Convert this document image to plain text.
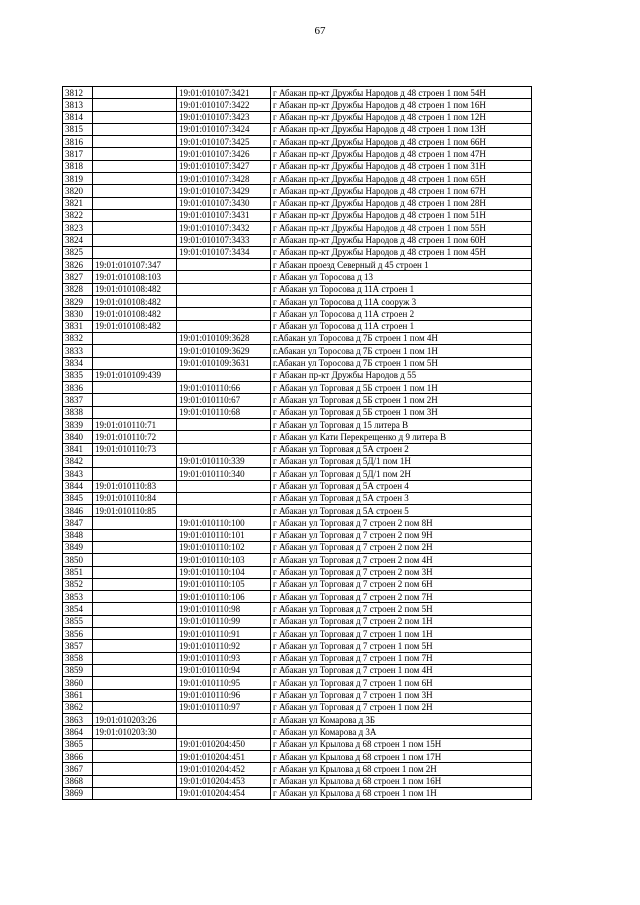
67
3812		19:01:010107:3421	г Абакан пр-кт Дружбы Народов д 48 строен 1 пом 54Н
3813		19:01:010107:3422	г Абакан пр-кт Дружбы Народов д 48 строен 1 пом 16Н
3814		19:01:010107:3423	г Абакан пр-кт Дружбы Народов д 48 строен 1 пом 12Н
3815		19:01:010107:3424	г Абакан пр-кт Дружбы Народов д 48 строен 1 пом 13Н
3816		19:01:010107:3425	г Абакан пр-кт Дружбы Народов д 48 строен 1 пом 66Н
3817		19:01:010107:3426	г Абакан пр-кт Дружбы Народов д 48 строен 1 пом 47Н
3818		19:01:010107:3427	г Абакан пр-кт Дружбы Народов д 48 строен 1 пом 31Н
3819		19:01:010107:3428	г Абакан пр-кт Дружбы Народов д 48 строен 1 пом 65Н
3820		19:01:010107:3429	г Абакан пр-кт Дружбы Народов д 48 строен 1 пом 67Н
3821		19:01:010107:3430	г Абакан пр-кт Дружбы Народов д 48 строен 1 пом 28Н
3822		19:01:010107:3431	г Абакан пр-кт Дружбы Народов д 48 строен 1 пом 51Н
3823		19:01:010107:3432	г Абакан пр-кт Дружбы Народов д 48 строен 1 пом 55Н
3824		19:01:010107:3433	г Абакан пр-кт Дружбы Народов д 48 строен 1 пом 60Н
3825		19:01:010107:3434	г Абакан пр-кт Дружбы Народов д 48 строен 1 пом 45Н
3826	19:01:010107:347		г Абакан проезд Северный д 45 строен 1
3827	19:01:010108:103		г Абакан ул Торосова д 13
3828	19:01:010108:482		г Абакан ул Торосова д 11А строен 1
3829	19:01:010108:482		г Абакан ул Торосова д 11А сооруж 3
3830	19:01:010108:482		г Абакан ул Торосова д 11А строен 2
3831	19:01:010108:482		г Абакан ул Торосова д 11А строен 1
3832		19:01:010109:3628	г.Абакан ул Торосова д 7Б строен 1 пом 4Н
3833		19:01:010109:3629	г.Абакан ул Торосова д 7Б строен 1 пом 1Н
3834		19:01:010109:3631	г.Абакан ул Торосова д 7Б строен 1 пом 5Н
3835	19:01:010109:439		г Абакан пр-кт Дружбы Народов д 55
3836		19:01:010110:66	г Абакан ул Торговая д 5Б строен 1 пом 1Н
3837		19:01:010110:67	г Абакан ул Торговая д 5Б строен 1 пом 2Н
3838		19:01:010110:68	г Абакан ул Торговая д 5Б строен 1 пом 3Н
3839	19:01:010110:71		г Абакан ул Торговая д 15 литера В
3840	19:01:010110:72		г Абакан ул Кати Перекрещенко д 9 литера В
3841	19:01:010110:73		г Абакан ул Торговая д 5А строен 2
3842		19:01:010110:339	г Абакан ул Торговая д 5Д/1 пом 1Н
3843		19:01:010110:340	г Абакан ул Торговая д 5Д/1 пом 2Н
3844	19:01:010110:83		г Абакан ул Торговая д 5А строен 4
3845	19:01:010110:84		г Абакан ул Торговая д 5А строен 3
3846	19:01:010110:85		г Абакан ул Торговая д 5А строен 5
3847		19:01:010110:100	г Абакан ул Торговая д 7 строен 2 пом 8Н
3848		19:01:010110:101	г Абакан ул Торговая д 7 строен 2 пом 9Н
3849		19:01:010110:102	г Абакан ул Торговая д 7 строен 2 пом 2Н
3850		19:01:010110:103	г Абакан ул Торговая д 7 строен 2 пом 4Н
3851		19:01:010110:104	г Абакан ул Торговая д 7 строен 2 пом 3Н
3852		19:01:010110:105	г Абакан ул Торговая д 7 строен 2 пом 6Н
3853		19:01:010110:106	г Абакан ул Торговая д 7 строен 2 пом 7Н
3854		19:01:010110:98	г Абакан ул Торговая д 7 строен 2 пом 5Н
3855		19:01:010110:99	г Абакан ул Торговая д 7 строен 2 пом 1Н
3856		19:01:010110:91	г Абакан ул Торговая д 7 строен 1 пом 1Н
3857		19:01:010110:92	г Абакан ул Торговая д 7 строен 1 пом 5Н
3858		19:01:010110:93	г Абакан ул Торговая д 7 строен 1 пом 7Н
3859		19:01:010110:94	г Абакан ул Торговая д 7 строен 1 пом 4Н
3860		19:01:010110:95	г Абакан ул Торговая д 7 строен 1 пом 6Н
3861		19:01:010110:96	г Абакан ул Торговая д 7 строен 1 пом 3Н
3862		19:01:010110:97	г Абакан ул Торговая д 7 строен 1 пом 2Н
3863	19:01:010203:26		г Абакан ул Комарова д 3Б
3864	19:01:010203:30		г Абакан ул Комарова д 3А
3865		19:01:010204:450	г Абакан ул Крылова д 68 строен 1 пом 15Н
3866		19:01:010204:451	г Абакан ул Крылова д 68 строен 1 пом 17Н
3867		19:01:010204:452	г Абакан ул Крылова д 68 строен 1 пом 2Н
3868		19:01:010204:453	г Абакан ул Крылова д 68 строен 1 пом 16Н
3869		19:01:010204:454	г Абакан ул Крылова д 68 строен 1 пом 1Н
